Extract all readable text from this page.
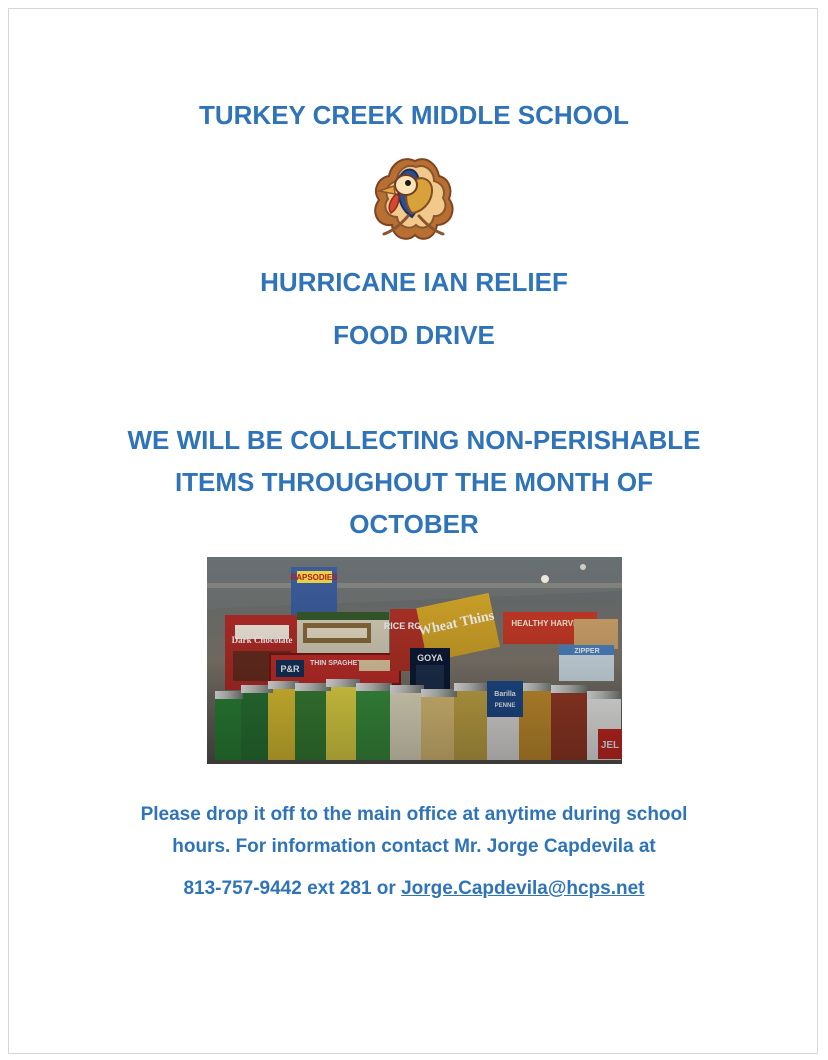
TURKEY CREEK MIDDLE SCHOOL

HURRICANE IAN RELIEF

FOOD DRIVE

WE WILL BE COLLECTING NON-PERISHABLE

ITEMS THROUGHOUT THE MONTH OF

OCTOBER

Please drop it off to the main office at anytime during school

hours. For information contact Mr. Jorge Capdevila at

813-757-9442 ext 281 or Jorge.Capdevila@hcps.net
